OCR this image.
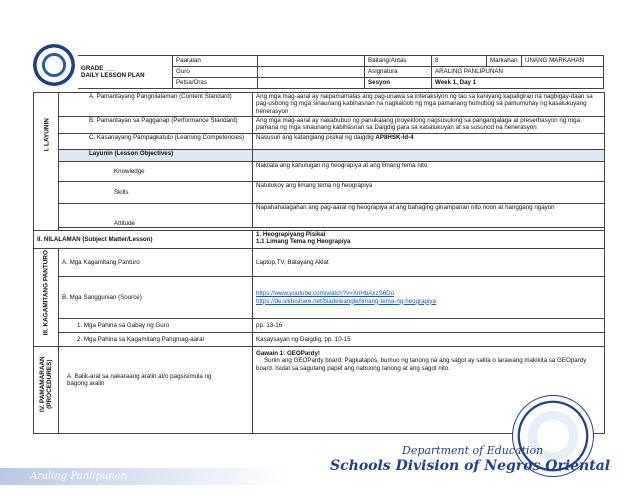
GRADE ___
DAILY LESSON PLAN	Paaralan		Baitang/Antas	8	Markahan	UNANG MARKAHAN
	Guro		Asignatura	ARALING PANLIPUNAN		
	Petsa/Oras		Sesyon	Week 1, Day 1		
I. LAYUNIN	A. Pamantayang Pangnilalaman (Content Standard)	Ang mga mag-aaral ay naipamamalas ang pag-unawa sa interaksiyon ng tao sa kaniyang kapaligiran na nagbigay-daan sa pag-usbong ng mga sinaunang kabihasnan na nagkaloob ng mga pamanang humubog sa pamumuhay ng kasalukuyang henerasyon
	B. Pamantayan sa Pagganap (Performance Standard)	Ang mga mag-aaral ay nakabubuo ng panukalang proyektong nagsusulong sa pangangalaga at preserbasyon ng mga pamana ng mga sinaunang kabihasnan sa Daigdig para sa kasalukuyan at sa susunod na henerasyon
	C. Kasanayang Pampagkatuto (Learning Competencies)	Nasusuri ang katangiang pisikal ng daigdig AP8HSK-Id-4
	Layunin (Lesson Objectives)	
	Knowledge	Nakilala ang kahulugan ng heograpiya at ang limang tema nito
	Skills	Natutukoy ang limang tema ng heograpiya
	Attitude	Napahahalagahan ang pag-aaral ng heograpiya at ang bahaging ginampanan nito noon at hanggang ngayon

II. NILALAMAN (Subject Matter/Lesson)		1. Heograpiyang Pisikal
1.1 Limang Tema ng Heograpiya

III. KAGAMITANG PANTURO	A. Mga Kagamitang Panturo	Laptop,TV, Batayang Aklat
	B. Mga Sanggunian (Source)	https://www.youtube.com/watch?v=XnHbAxzS6Do
https://de.slideshare.net/bladeleangle/limang-tema-ng-heograpiya

	1. Mga Pahina sa Gabay ng Guro	pp. 13-16
	2. Mga Pahina sa Kagamitang Pangmag-aaral	Kasaysayan ng Daigdig, pp. 10-15

IV. PAMAMARAAN (PROCEDURES)	A. Balik-aral sa nakaraang aralin at/o pagsisimula ng bagong aralin	Gawain 1: GEOPardy!
Suriin ang GEOPardy board. Pagkatapos, bumuo ng tanong na ang sagot ay salita o larawang makikita sa GEOpardy board. Isulat sa sagutang papel ang nabuong tanong at ang sagot nito.
Araling Panlipunan
Department of Education
Schools Division of Negros Oriental
